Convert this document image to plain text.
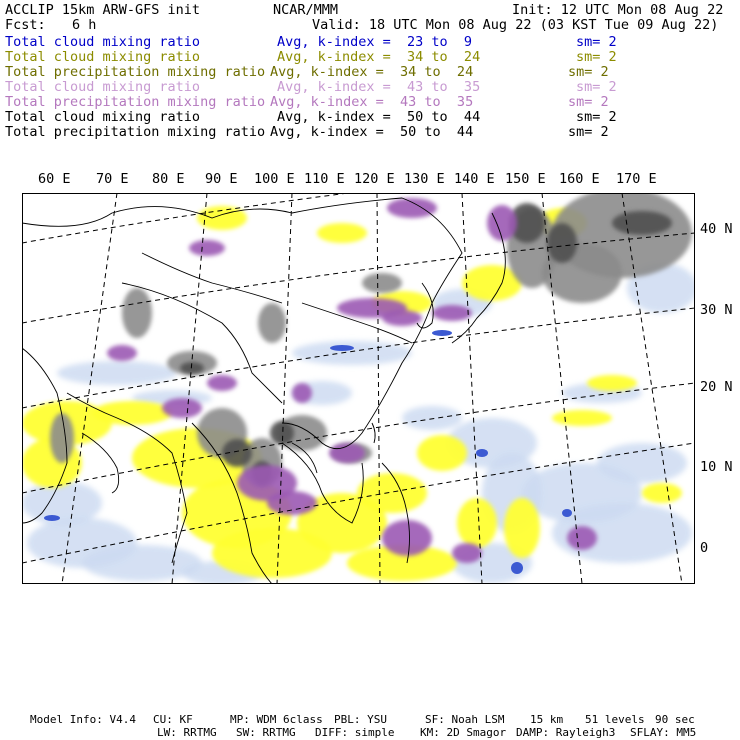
ACCLIP 15km ARW-GFS init	NCAR/MMM	Init: 12 UTC Mon 08 Aug 22
Fcst: 6 h	Valid: 18 UTC Mon 08 Aug 22 (03 KST Tue 09 Aug 22)
Total cloud mixing ratio	Avg, k-index =  23 to  9	sm= 2
Total cloud mixing ratio	Avg, k-index =  34 to  24	sm= 2
Total precipitation mixing ratio Avg, k-index =  34 to  24	sm= 2
Total cloud mixing ratio	Avg, k-index =  43 to  35	sm= 2
Total precipitation mixing ratio Avg, k-index =  43 to  35	sm= 2
Total cloud mixing ratio	Avg, k-index =  50 to  44	sm= 2
Total precipitation mixing ratio Avg, k-index =  50 to  44	sm= 2
60 E 70 E 80 E 90 E 100 E 110 E 120 E 130 E 140 E 150 E 160 E 170 E
40 N
30 N
20 N
10 N
0
Model Info: V4.4 CU: KF	MP: WDM 6class PBL: YSU	SF: Noah LSM 15 km 51 levels 90 sec
LW: RRTMG SW: RRTMG DIFF: simple KM: 2D Smagor DAMP: Rayleigh3 SFLAY: MM5
